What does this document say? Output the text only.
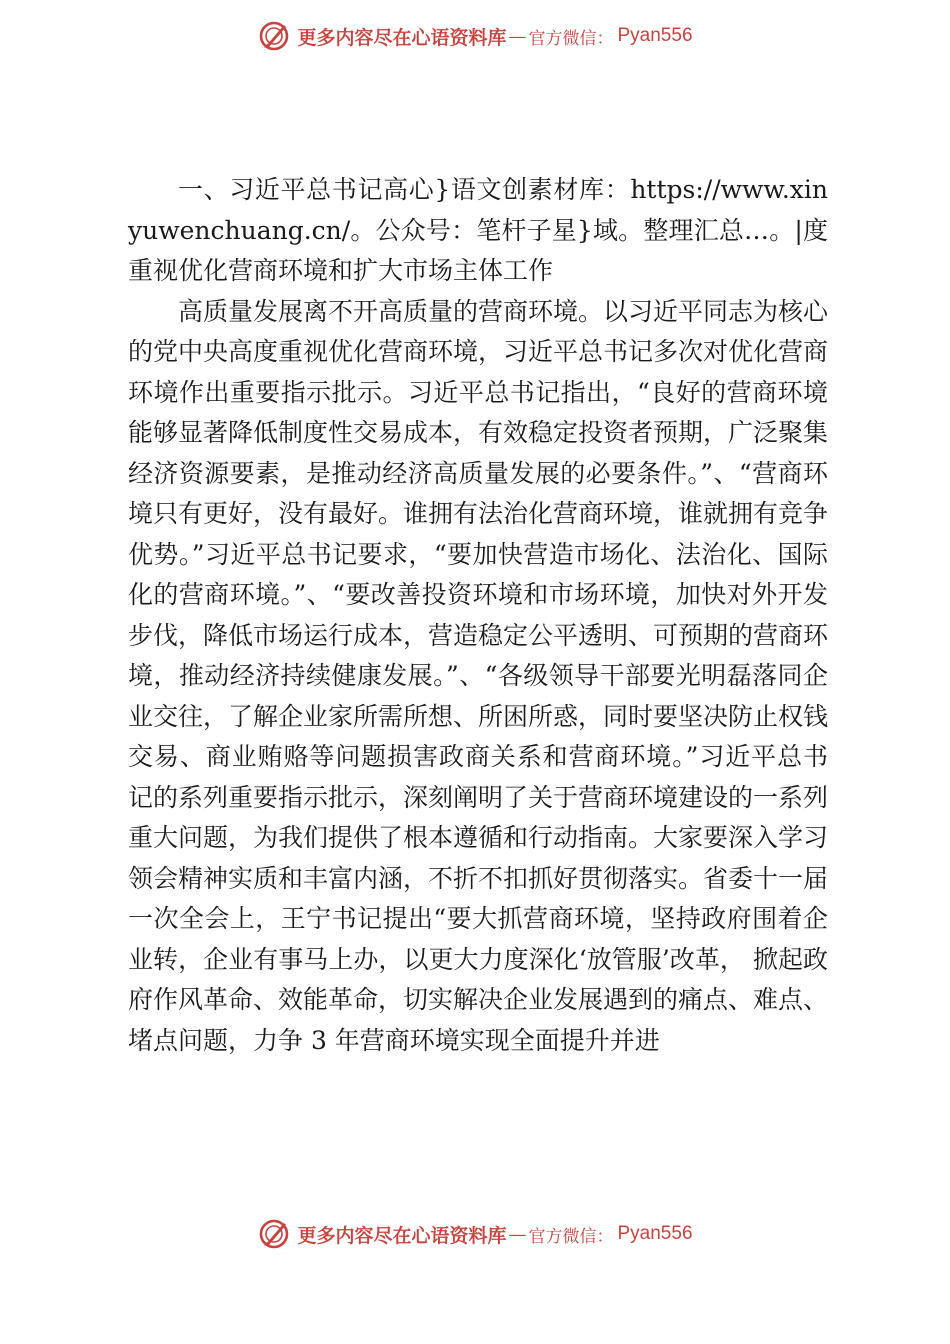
更多内容尽在心语资料库 — 官方微信： Pyan556

一、习近平总书记高心}语文创素材库：https://www.xinyuwenchuang.cn/。公众号：笔杆子星}域。整理汇总…。|度重视优化营商环境和扩大市场主体工作

高质量发展离不开高质量的营商环境。以习近平同志为核心的党中央高度重视优化营商环境，习近平总书记多次对优化营商环境作出重要指示批示。习近平总书记指出，“良好的营商环境能够显著降低制度性交易成本，有效稳定投资者预期，广泛聚集经济资源要素，是推动经济高质量发展的必要条件。”、“营商环境只有更好，没有最好。谁拥有法治化营商环境，谁就拥有竞争优势。”习近平总书记要求，“要加快营造市场化、法治化、国际化的营商环境。”、“要改善投资环境和市场环境，加快对外开发步伐，降低市场运行成本，营造稳定公平透明、可预期的营商环境，推动经济持续健康发展。”、“各级领导干部要光明磊落同企业交往，了解企业家所需所想、所困所惑，同时要坚决防止权钱交易、商业贿赂等问题损害政商关系和营商环境。”习近平总书记的系列重要指示批示，深刻阐明了关于营商环境建设的一系列重大问题，为我们提供了根本遵循和行动指南。大家要深入学习领会精神实质和丰富内涵，不折不扣抓好贯彻落实。省委十一届一次全会上，王宁书记提出“要大抓营商环境，坚持政府围着企业转，企业有事马上办，以更大力度深化‘放管服’改革， 掀起政府作风革命、效能革命，切实解决企业发展遇到的痛点、难点、堵点问题，力争 3 年营商环境实现全面提升并进

更多内容尽在心语资料库 — 官方微信： Pyan556
